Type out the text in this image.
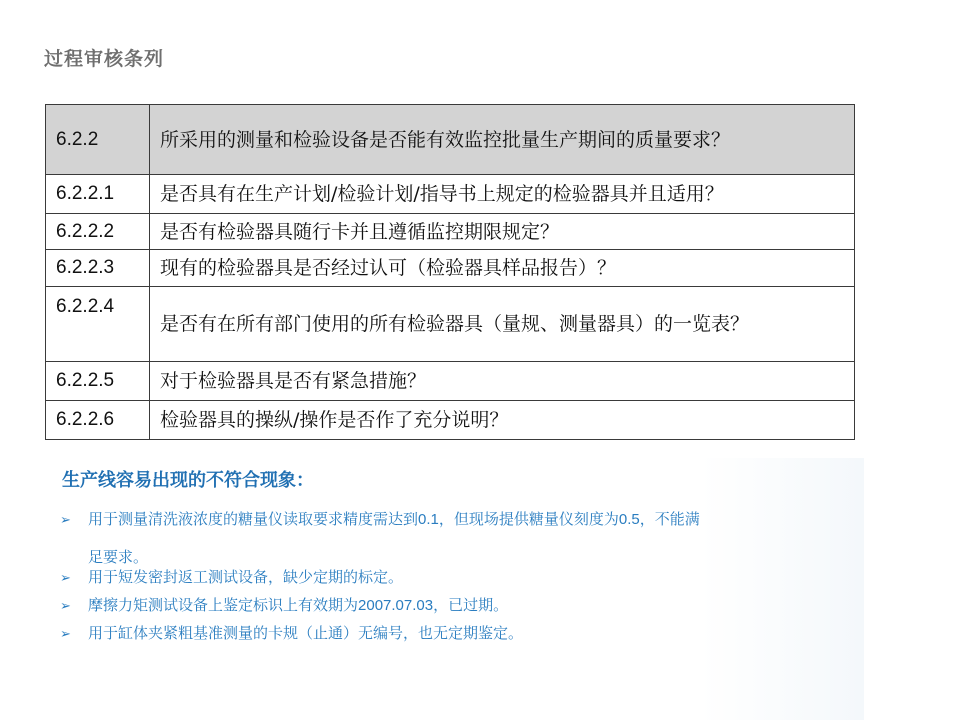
过程审核条列
6.2.2	所采用的测量和检验设备是否能有效监控批量生产期间的质量要求？
6.2.2.1	是否具有在生产计划/检验计划/指导书上规定的检验器具并且适用？
6.2.2.2	是否有检验器具随行卡并且遵循监控期限规定？
6.2.2.3	现有的检验器具是否经过认可（检验器具样品报告）？
6.2.2.4	是否有在所有部门使用的所有检验器具（量规、测量器具）的一览表？
6.2.2.5	对于检验器具是否有紧急措施？
6.2.2.6	检验器具的操纵/操作是否作了充分说明？
生产线容易出现的不符合现象：
➢ 用于测量清洗液浓度的糖量仪读取要求精度需达到0.1，但现场提供糖量仪刻度为0.5，不能满
足要求。
➢ 用于短发密封返工测试设备，缺少定期的标定。
➢ 摩擦力矩测试设备上鉴定标识上有效期为2007.07.03，已过期。
➢ 用于缸体夹紧粗基准测量的卡规（止通）无编号，也无定期鉴定。
